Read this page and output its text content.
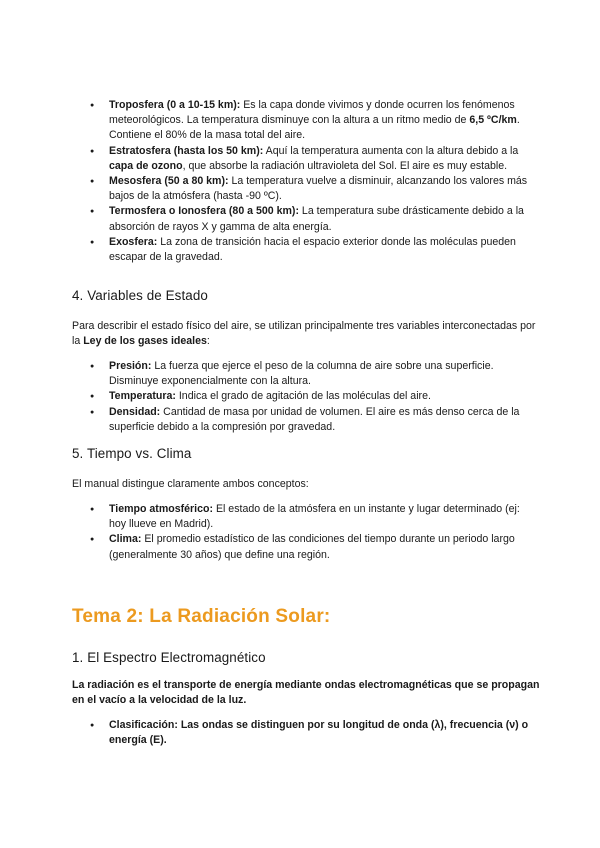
● Troposfera (0 a 10-15 km): Es la capa donde vivimos y donde ocurren los fenómenos meteorológicos. La temperatura disminuye con la altura a un ritmo medio de 6,5 ºC/km. Contiene el 80% de la masa total del aire.
● Estratosfera (hasta los 50 km): Aquí la temperatura aumenta con la altura debido a la capa de ozono, que absorbe la radiación ultravioleta del Sol. El aire es muy estable.
● Mesosfera (50 a 80 km): La temperatura vuelve a disminuir, alcanzando los valores más bajos de la atmósfera (hasta -90 ºC).
● Termosfera o Ionosfera (80 a 500 km): La temperatura sube drásticamente debido a la absorción de rayos X y gamma de alta energía.
● Exosfera: La zona de transición hacia el espacio exterior donde las moléculas pueden escapar de la gravedad.
4. Variables de Estado

Para describir el estado físico del aire, se utilizan principalmente tres variables interconectadas por la Ley de los gases ideales:

● Presión: La fuerza que ejerce el peso de la columna de aire sobre una superficie. Disminuye exponencialmente con la altura.
● Temperatura: Indica el grado de agitación de las moléculas del aire.
● Densidad: Cantidad de masa por unidad de volumen. El aire es más denso cerca de la superficie debido a la compresión por gravedad.
5. Tiempo vs. Clima

El manual distingue claramente ambos conceptos:

● Tiempo atmosférico: El estado de la atmósfera en un instante y lugar determinado (ej: hoy llueve en Madrid).
● Clima: El promedio estadístico de las condiciones del tiempo durante un periodo largo (generalmente 30 años) que define una región.
Tema 2: La Radiación Solar:
1. El Espectro Electromagnético

La radiación es el transporte de energía mediante ondas electromagnéticas que se propagan en el vacío a la velocidad de la luz.

● Clasificación: Las ondas se distinguen por su longitud de onda (λ), frecuencia (ν) o energía (E).
